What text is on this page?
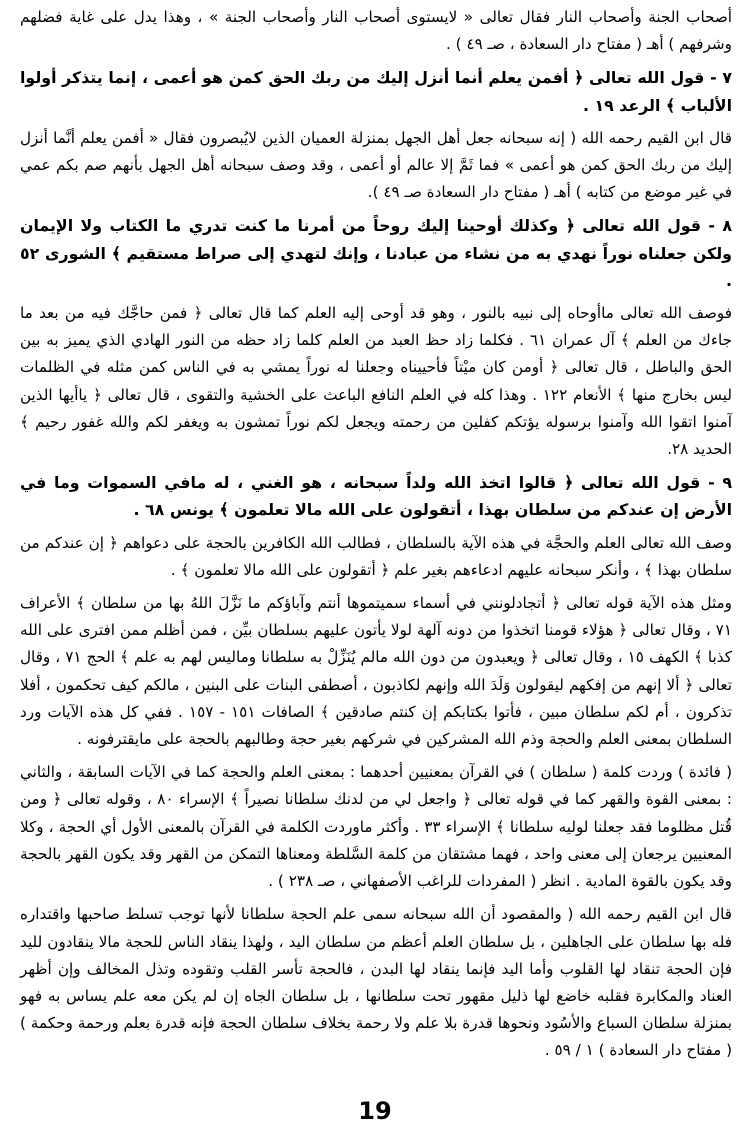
أصحاب الجنة وأصحاب النار فقال تعالى « لايستوى أصحاب النار وأصحاب الجنة » ، وهذا يدل على غاية فضلهم وشرفهم ) أهـ ( مفتاح دار السعادة ، صـ ٤٩ ) .

٧ - قول الله تعالى ﴿ أفمن يعلم أنما أنزل إليك من ربك الحق كمن هو أعمى ، إنما يتذكر أولوا الألباب ﴾ الرعد ١٩ .

قال ابن القيم رحمه الله ( إنه سبحانه جعل أهل الجهل بمنزلة العميان الذين لايُبصرون فقال « أفمن يعلم أنَّما أنزل إليك من ربك الحق كمن هو أعمى » فما ثَمَّ إلا عالم أو أعمى ، وقد وصف سبحانه أهل الجهل بأنهم صم بكم عمي في غير موضع من كتابه ) أهـ ( مفتاح دار السعادة صـ ٤٩ ).

٨ - قول الله تعالى ﴿ وكذلك أوحينا إليك روحاً من أمرنا ما كنت تدري ما الكتاب ولا الإيمان ولكن جعلناه نوراً نهدي به من نشاء من عبادنا ، وإنك لتهدي إلى صراط مستقيم ﴾ الشورى ٥٢ .

فوصف الله تعالى ماأوحاه إلى نبيه بالنور ، وهو قد أوحى إليه العلم كما قال تعالى ﴿ فمن حاجَّك فيه من بعد ما جاءك من العلم ﴾ آل عمران ٦١ . فكلما زاد حظ العبد من العلم كلما زاد حظه من النور الهادي الذي يميز به بين الحق والباطل ، قال تعالى ﴿ أومن كان ميْتاً فأحييناه وجعلنا له نوراً يمشي به في الناس كمن مثله في الظلمات ليس بخارج منها ﴾ الأنعام ١٢٢ . وهذا كله في العلم النافع الباعث على الخشية والتقوى ، قال تعالى ﴿ ياأيها الذين آمنوا اتقوا الله وآمنوا برسوله يؤتكم كفلين من رحمته ويجعل لكم نوراً تمشون به ويغفر لكم والله غفور رحيم ﴾ الحديد ٢٨.

٩ - قول الله تعالى ﴿ قالوا اتخذ الله ولداً سبحانه ، هو الغني ، له مافي السموات وما في الأرض إن عندكم من سلطان بهذا ، أتقولون على الله مالا تعلمون ﴾ يونس ٦٨ .

وصف الله تعالى العلم والحجَّة في هذه الآية بالسلطان ، فطالب الله الكافرين بالحجة على دعواهم ﴿ إن عندكم من سلطان بهذا ﴾ ، وأنكر سبحانه عليهم ادعاءهم بغير علم ﴿ أتقولون على الله مالا تعلمون ﴾ .

ومثل هذه الآية قوله تعالى ﴿ أتجادلونني في أسماء سميتموها أنتم وآباؤكم ما نَزَّلَ اللهُ بها من سلطان ﴾ الأعراف ٧١ ، وقال تعالى ﴿ هؤلاء قومنا اتخذوا من دونه آلهة لولا يأتون عليهم بسلطان بيِّن ، فمن أظلم ممن افترى على الله كذبا ﴾ الكهف ١٥ ، وقال تعالى ﴿ ويعبدون من دون الله مالم يُنَزِّلْ به سلطانا وماليس لهم به علم ﴾ الحج ٧١ ، وقال تعالى ﴿ ألا إنهم من إفكهم ليقولون وَلَدَ الله وإنهم لكاذبون ، أصطفى البنات على البنين ، مالكم كيف تحكمون ، أفلا تذكرون ، أم لكم سلطان مبين ، فأتوا بكتابكم إن كنتم صادقين ﴾ الصافات ١٥١ - ١٥٧ . ففي كل هذه الآيات ورد السلطان بمعنى العلم والحجة وذم الله المشركين في شركهم بغير حجة وطالبهم بالحجة على مايقترفونه .

( فائدة ) وردت كلمة ( سلطان ) في القرآن بمعنيين أحدهما : بمعنى العلم والحجة كما في الآيات السابقة ، والثاني : بمعنى القوة والقهر كما في قوله تعالى ﴿ واجعل لي من لدنك سلطانا نصيراً ﴾ الإسراء ٨٠ ، وقوله تعالى ﴿ ومن قُتل مظلوما فقد جعلنا لوليه سلطانا ﴾ الإسراء ٣٣ . وأكثر ماوردت الكلمة في القرآن بالمعنى الأول أي الحجة ، وكلا المعنيين يرجعان إلى معنى واحد ، فهما مشتقان من كلمة السَّلطة ومعناها التمكن من القهر وقد يكون القهر بالحجة وقد يكون بالقوة المادية . انظر ( المفردات للراغب الأصفهاني ، صـ ٢٣٨ ) .

قال ابن القيم رحمه الله ( والمقصود أن الله سبحانه سمى علم الحجة سلطانا لأنها توجب تسلط صاحبها واقتداره فله بها سلطان على الجاهلين ، بل سلطان العلم أعظم من سلطان اليد ، ولهذا ينقاد الناس للحجة مالا ينقادون لليد فإن الحجة تنقاد لها القلوب وأما اليد فإنما ينقاد لها البدن ، فالحجة تأسر القلب وتقوده وتذل المخالف وإن أظهر العناد والمكابرة فقلبه خاضع لها ذليل مقهور تحت سلطانها ، بل سلطان الجاه إن لم يكن معه علم يساس به فهو بمنزلة سلطان السباع والأسُود ونحوها قدرة بلا علم ولا رحمة بخلاف سلطان الحجة فإنه قدرة بعلم ورحمة وحكمة ) ( مفتاح دار السعادة ) ١ / ٥٩ .

19
